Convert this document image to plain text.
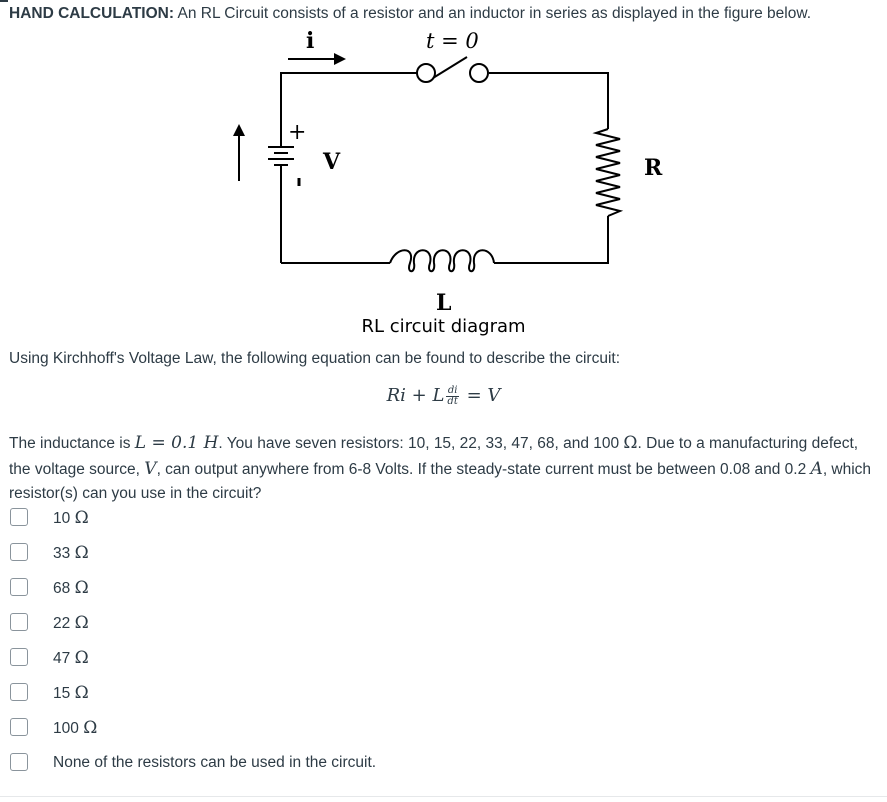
HAND CALCULATION: An RL Circuit consists of a resistor and an inductor in series as displayed in the figure below.
i	t = 0
+
V	R
L
RL circuit diagram
Using Kirchhoff's Voltage Law, the following equation can be found to describe the circuit:
Ri + L $\frac{di}{dt} = V$
The inductance is L = 0.1 H. You have seven resistors: 10, 15, 22, 33, 47, 68, and 100 Ω. Due to a manufacturing defect, the voltage source, V, can output anywhere from 6-8 Volts. If the steady-state current must be between 0.08 and 0.2 A, which resistor(s) can you use in the circuit?
10 Ω
33 Ω
68 Ω
22 Ω
47 Ω
15 Ω
100 Ω
None of the resistors can be used in the circuit.
